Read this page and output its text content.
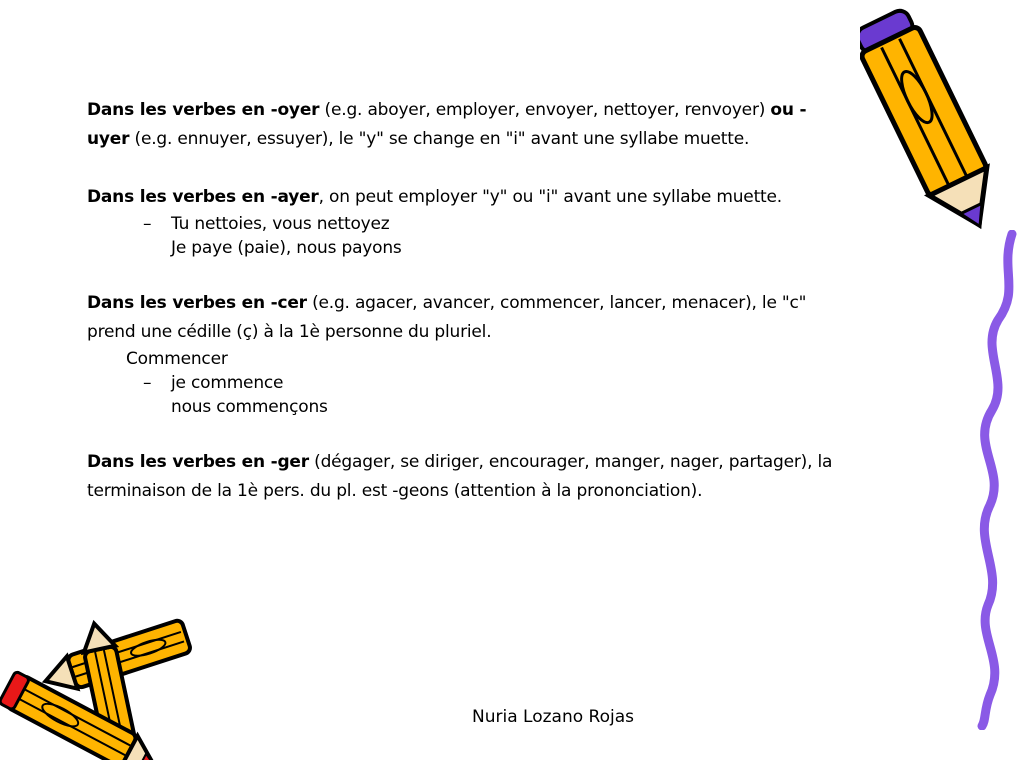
Dans les verbes en -oyer (e.g. aboyer, employer, envoyer, nettoyer, renvoyer) ou -uyer (e.g. ennuyer, essuyer), le "y" se change en "i" avant une syllabe muette.

Dans les verbes en -ayer, on peut employer "y" ou "i" avant une syllabe muette.

– Tu nettoies, vous nettoyez
Je paye (paie), nous payons

Dans les verbes en -cer (e.g. agacer, avancer, commencer, lancer, menacer), le "c" prend une cédille (ç) à la 1è personne du pluriel.

Commencer
– je commence
nous commençons

Dans les verbes en -ger (dégager, se diriger, encourager, manger, nager, partager), la terminaison de la 1è pers. du pl. est -geons (attention à la prononciation).

Nuria Lozano Rojas
